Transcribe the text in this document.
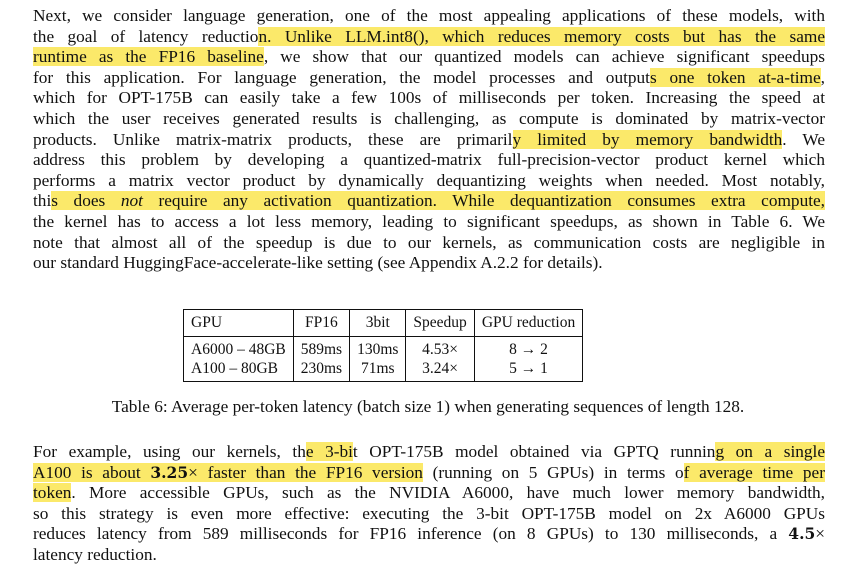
Next, we consider language generation, one of the most appealing applications of these models, with
the goal of latency reduction. Unlike LLM.int8(), which reduces memory costs but has the same
runtime as the FP16 baseline, we show that our quantized models can achieve significant speedups
for this application. For language generation, the model processes and outputs one token at-a-time,
which for OPT-175B can easily take a few 100s of milliseconds per token. Increasing the speed at
which the user receives generated results is challenging, as compute is dominated by matrix-vector
products. Unlike matrix-matrix products, these are primarily limited by memory bandwidth. We
address this problem by developing a quantized-matrix full-precision-vector product kernel which
performs a matrix vector product by dynamically dequantizing weights when needed. Most notably,
this does not require any activation quantization. While dequantization consumes extra compute,
the kernel has to access a lot less memory, leading to significant speedups, as shown in Table 6. We
note that almost all of the speedup is due to our kernels, as communication costs are negligible in
our standard HuggingFace-accelerate-like setting (see Appendix A.2.2 for details).
GPU	FP16	3bit	Speedup	GPU reduction
A6000 – 48GB	589ms	130ms	4.53×	8 → 2
A100 – 80GB	230ms	71ms	3.24×	5 → 1
Table 6: Average per-token latency (batch size 1) when generating sequences of length 128.
For example, using our kernels, the 3-bit OPT-175B model obtained via GPTQ running on a single
A100 is about 3.25× faster than the FP16 version (running on 5 GPUs) in terms of average time per
token. More accessible GPUs, such as the NVIDIA A6000, have much lower memory bandwidth,
so this strategy is even more effective: executing the 3-bit OPT-175B model on 2x A6000 GPUs
reduces latency from 589 milliseconds for FP16 inference (on 8 GPUs) to 130 milliseconds, a 4.5×
latency reduction.
